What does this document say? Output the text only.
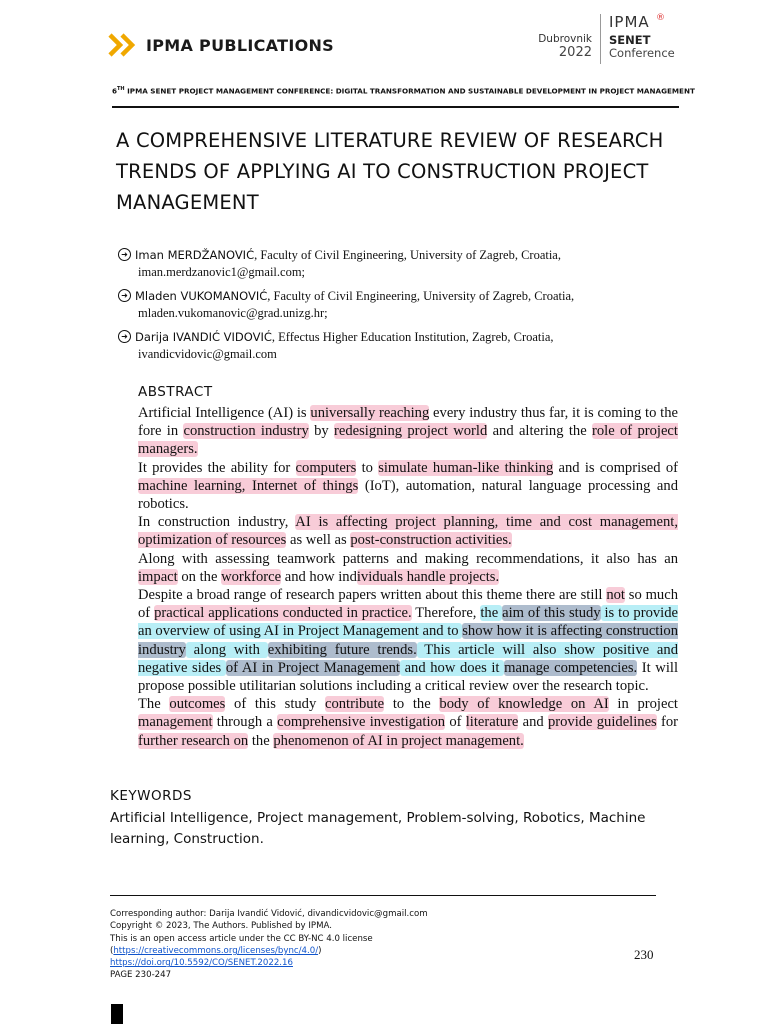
IPMA PUBLICATIONS	Dubrovnik
2022
IPMA ®
SENET
Conference
6TH IPMA SENET PROJECT MANAGEMENT CONFERENCE: DIGITAL TRANSFORMATION AND SUSTAINABLE DEVELOPMENT IN PROJECT MANAGEMENT
A COMPREHENSIVE LITERATURE REVIEW OF RESEARCH TRENDS OF APPLYING AI TO CONSTRUCTION PROJECT MANAGEMENT
➜ Iman MERDŽANOVIĆ, Faculty of Civil Engineering, University of Zagreb, Croatia,
iman.merdzanovic1@gmail.com;
➜ Mladen VUKOMANOVIĆ, Faculty of Civil Engineering, University of Zagreb, Croatia,
mladen.vukomanovic@grad.unizg.hr;
➜ Darija IVANDIĆ VIDOVIĆ, Effectus Higher Education Institution, Zagreb, Croatia,
ivandicvidovic@gmail.com
ABSTRACT

Artificial Intelligence (AI) is universally reaching every industry thus far, it is coming to the fore in construction industry by redesigning project world and altering the role of project managers.

It provides the ability for computers to simulate human-like thinking and is comprised of machine learning, Internet of things (IoT), automation, natural language processing and robotics.

In construction industry, AI is affecting project planning, time and cost management, optimization of resources as well as post-construction activities.

Along with assessing teamwork patterns and making recommendations, it also has an impact on the workforce and how individuals handle projects.

Despite a broad range of research papers written about this theme there are still not so much of practical applications conducted in practice. Therefore, the aim of this study is to provide an overview of using AI in Project Management and to show how it is affecting construction industry along with exhibiting future trends. This article will also show positive and negative sides of AI in Project Management and how does it manage competencies. It will propose possible utilitarian solutions including a critical review over the research topic.

The outcomes of this study contribute to the body of knowledge on AI in project management through a comprehensive investigation of literature and provide guidelines for further research on the phenomenon of AI in project management.

KEYWORDS
Artificial Intelligence, Project management, Problem-solving, Robotics, Machine learning, Construction.
Corresponding author: Darija Ivandić Vidović, divandicvidovic@gmail.com
Copyright © 2023, The Authors. Published by IPMA.
This is an open access article under the CC BY-NC 4.0 license
(https://creativecommons.org/licenses/bync/4.0/)
https://doi.org/10.5592/CO/SENET.2022.16
PAGE 230-247
230
